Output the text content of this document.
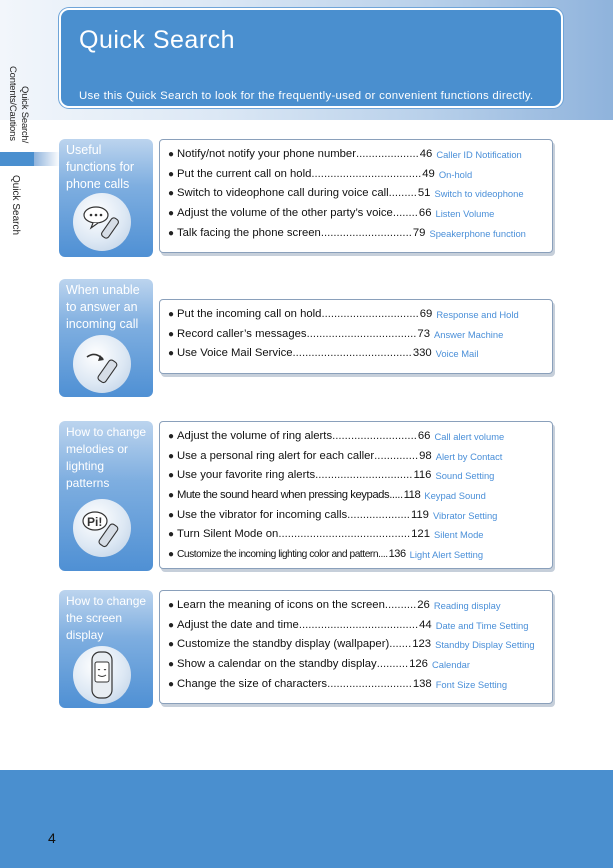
Quick Search
Use this Quick Search to look for the frequently-used or convenient functions directly.
Quick Search/
Contents/Cautions
Quick Search
Useful functions for phone calls
● Notify/not notify your phone number .................... 46 Caller ID Notification
● Put the current call on hold ................................... 49 On-hold
● Switch to videophone call during voice call ......... 51 Switch to videophone
● Adjust the volume of the other party’s voice ........ 66 Listen Volume
● Talk facing the phone screen ............................. 79 Speakerphone function
When unable to answer an incoming call
● Put the incoming call on hold ............................... 69 Response and Hold
● Record caller’s messages ................................... 73 Answer Machine
● Use Voice Mail Service ...................................... 330 Voice Mail
How to change melodies or lighting patterns
Pi!
● Adjust the volume of ring alerts ........................... 66 Call alert volume
● Use a personal ring alert for each caller .............. 98 Alert by Contact
● Use your favorite ring alerts ............................... 116 Sound Setting
● Mute the sound heard when pressing keypads ..... 118 Keypad Sound
● Use the vibrator for incoming calls .................... 119 Vibrator Setting
● Turn Silent Mode on .......................................... 121 Silent Mode
● Customize the incoming lighting color and pattern .... 136 Light Alert Setting
How to change the screen display
● Learn the meaning of icons on the screen .......... 26 Reading display
● Adjust the date and time ...................................... 44 Date and Time Setting
● Customize the standby display (wallpaper) ....... 123 Standby Display Setting
● Show a calendar on the standby display .......... 126 Calendar
● Change the size of characters ........................... 138 Font Size Setting
4
